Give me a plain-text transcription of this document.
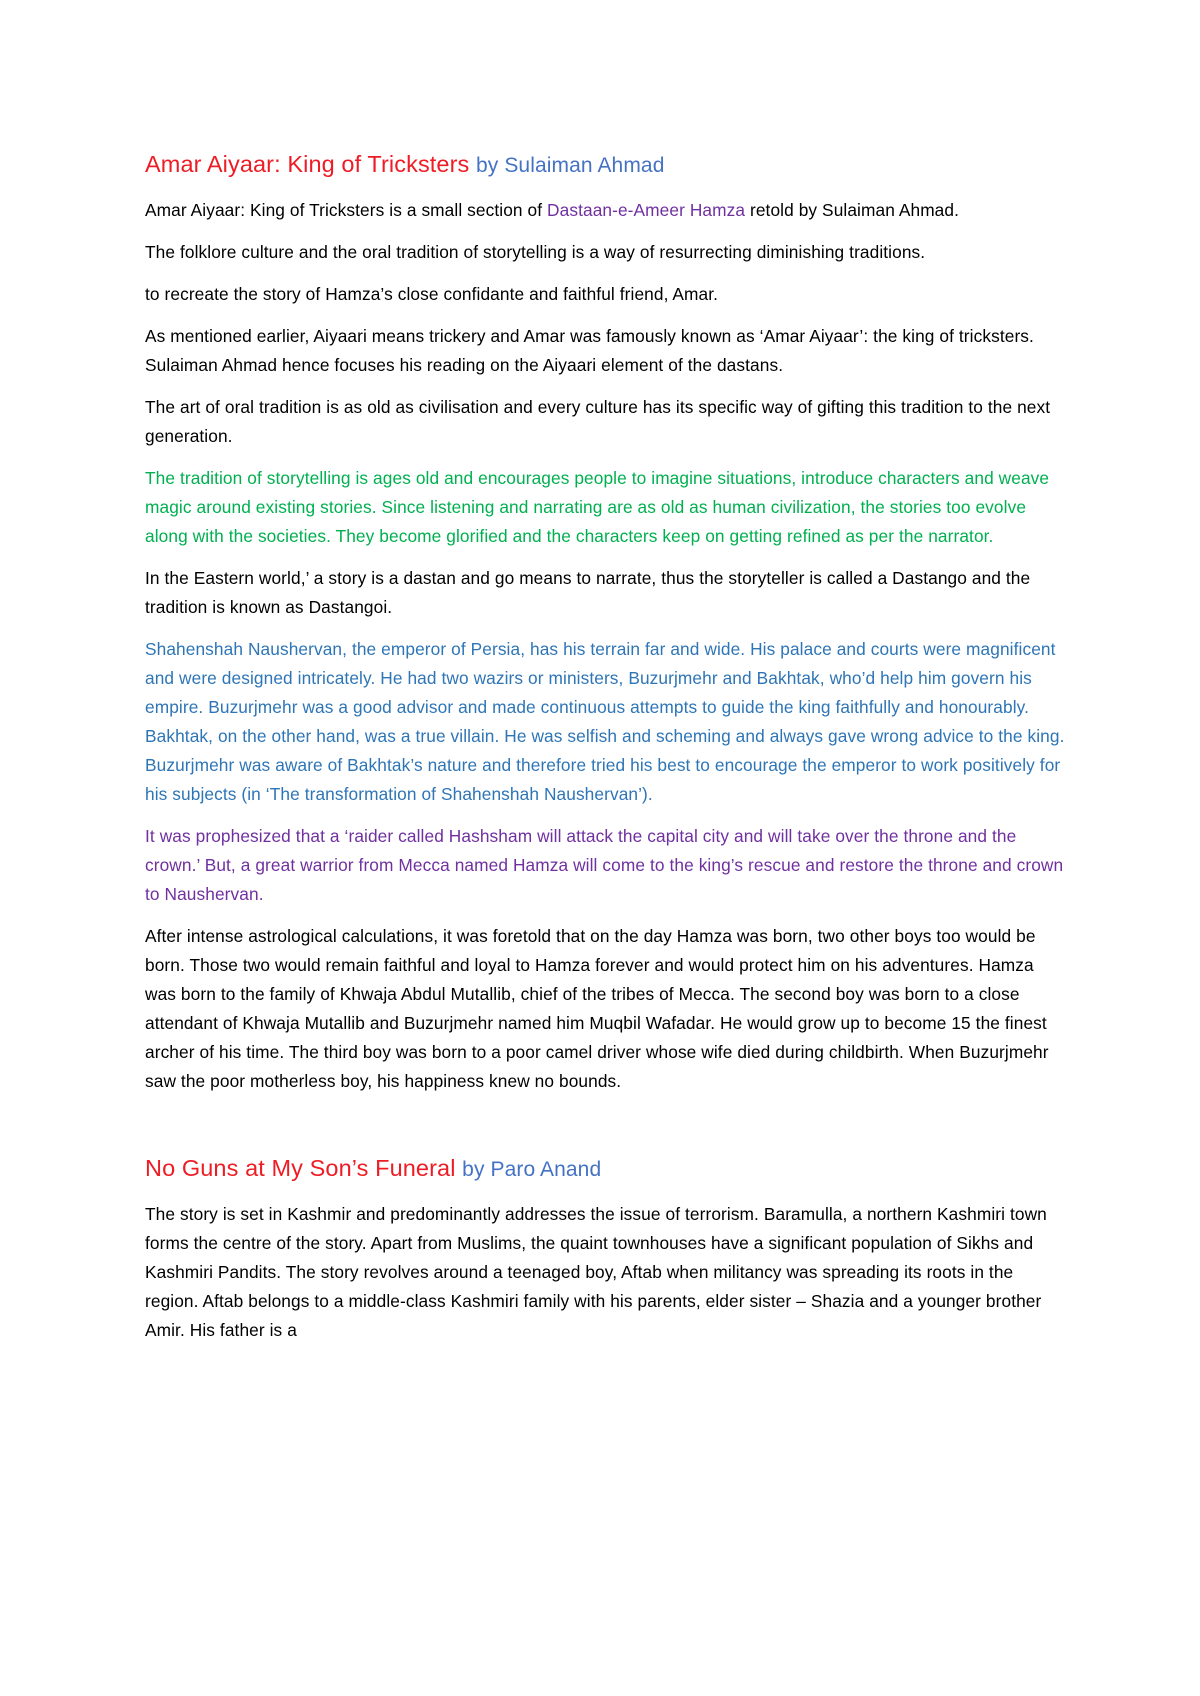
Amar Aiyaar: King of Tricksters by Sulaiman Ahmad

Amar Aiyaar: King of Tricksters is a small section of Dastaan-e-Ameer Hamza retold by Sulaiman Ahmad.

The folklore culture and the oral tradition of storytelling is a way of resurrecting diminishing traditions.

to recreate the story of Hamza’s close confidante and faithful friend, Amar.

As mentioned earlier, Aiyaari means trickery and Amar was famously known as ‘Amar Aiyaar’: the king of tricksters. Sulaiman Ahmad hence focuses his reading on the Aiyaari element of the dastans.

The art of oral tradition is as old as civilisation and every culture has its specific way of gifting this tradition to the next generation.

The tradition of storytelling is ages old and encourages people to imagine situations, introduce characters and weave magic around existing stories. Since listening and narrating are as old as human civilization, the stories too evolve along with the societies. They become glorified and the characters keep on getting refined as per the narrator.

In the Eastern world,’ a story is a dastan and go means to narrate, thus the storyteller is called a Dastango and the tradition is known as Dastangoi.

Shahenshah Naushervan, the emperor of Persia, has his terrain far and wide. His palace and courts were magnificent and were designed intricately. He had two wazirs or ministers, Buzurjmehr and Bakhtak, who’d help him govern his empire. Buzurjmehr was a good advisor and made continuous attempts to guide the king faithfully and honourably. Bakhtak, on the other hand, was a true villain. He was selfish and scheming and always gave wrong advice to the king. Buzurjmehr was aware of Bakhtak’s nature and therefore tried his best to encourage the emperor to work positively for his subjects (in ‘The transformation of Shahenshah Naushervan’).

It was prophesized that a ‘raider called Hashsham will attack the capital city and will take over the throne and the crown.’ But, a great warrior from Mecca named Hamza will come to the king’s rescue and restore the throne and crown to Naushervan.

After intense astrological calculations, it was foretold that on the day Hamza was born, two other boys too would be born. Those two would remain faithful and loyal to Hamza forever and would protect him on his adventures. Hamza was born to the family of Khwaja Abdul Mutallib, chief of the tribes of Mecca. The second boy was born to a close attendant of Khwaja Mutallib and Buzurjmehr named him Muqbil Wafadar. He would grow up to become 15 the finest archer of his time. The third boy was born to a poor camel driver whose wife died during childbirth. When Buzurjmehr saw the poor motherless boy, his happiness knew no bounds.

No Guns at My Son’s Funeral by Paro Anand

The story is set in Kashmir and predominantly addresses the issue of terrorism. Baramulla, a northern Kashmiri town forms the centre of the story. Apart from Muslims, the quaint townhouses have a significant population of Sikhs and Kashmiri Pandits. The story revolves around a teenaged boy, Aftab when militancy was spreading its roots in the region. Aftab belongs to a middle-class Kashmiri family with his parents, elder sister – Shazia and a younger brother Amir. His father is a
